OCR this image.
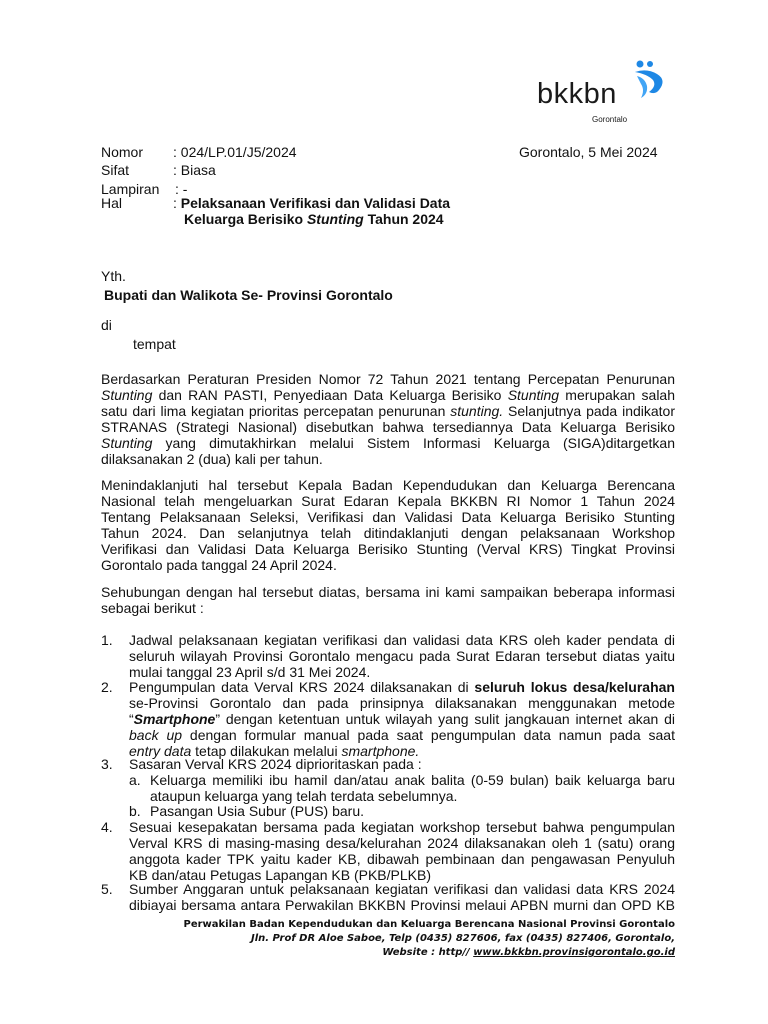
bkkbn
Gorontalo
Nomor : 024/LP.01/J5/2024	Gorontalo, 5 Mei 2024
Sifat	: Biasa
Lampiran : -
Hal	: Pelaksanaan Verifikasi dan Validasi Data
Keluarga Berisiko Stunting Tahun 2024
Yth.
Bupati dan Walikota Se- Provinsi Gorontalo
di
tempat
Berdasarkan Peraturan Presiden Nomor 72 Tahun 2021 tentang Percepatan Penurunan
Stunting dan RAN PASTI, Penyediaan Data Keluarga Berisiko Stunting merupakan salah
satu dari lima kegiatan prioritas percepatan penurunan stunting. Selanjutnya pada indikator
STRANAS (Strategi Nasional) disebutkan bahwa tersediannya Data Keluarga Berisiko
Stunting yang dimutakhirkan melalui Sistem Informasi Keluarga (SIGA)ditargetkan
dilaksanakan 2 (dua) kali per tahun.
Menindaklanjuti hal tersebut Kepala Badan Kependudukan dan Keluarga Berencana
Nasional telah mengeluarkan Surat Edaran Kepala BKKBN RI Nomor 1 Tahun 2024
Tentang Pelaksanaan Seleksi, Verifikasi dan Validasi Data Keluarga Berisiko Stunting
Tahun 2024. Dan selanjutnya telah ditindaklanjuti dengan pelaksanaan Workshop
Verifikasi dan Validasi Data Keluarga Berisiko Stunting (Verval KRS) Tingkat Provinsi
Gorontalo pada tanggal 24 April 2024.
Sehubungan dengan hal tersebut diatas, bersama ini kami sampaikan beberapa informasi
sebagai berikut :
1. Jadwal pelaksanaan kegiatan verifikasi dan validasi data KRS oleh kader pendata di
seluruh wilayah Provinsi Gorontalo mengacu pada Surat Edaran tersebut diatas yaitu
mulai tanggal 23 April s/d 31 Mei 2024.
2. Pengumpulan data Verval KRS 2024 dilaksanakan di seluruh lokus desa/kelurahan
se-Provinsi Gorontalo dan pada prinsipnya dilaksanakan menggunakan metode
“Smartphone” dengan ketentuan untuk wilayah yang sulit jangkauan internet akan di
back up dengan formular manual pada saat pengumpulan data namun pada saat
entry data tetap dilakukan melalui smartphone.
3. Sasaran Verval KRS 2024 diprioritaskan pada :
a. Keluarga memiliki ibu hamil dan/atau anak balita (0-59 bulan) baik keluarga baru
ataupun keluarga yang telah terdata sebelumnya.
b. Pasangan Usia Subur (PUS) baru.
4. Sesuai kesepakatan bersama pada kegiatan workshop tersebut bahwa pengumpulan
Verval KRS di masing-masing desa/kelurahan 2024 dilaksanakan oleh 1 (satu) orang
anggota kader TPK yaitu kader KB, dibawah pembinaan dan pengawasan Penyuluh
KB dan/atau Petugas Lapangan KB (PKB/PLKB)
5. Sumber Anggaran untuk pelaksanaan kegiatan verifikasi dan validasi data KRS 2024
dibiayai bersama antara Perwakilan BKKBN Provinsi melaui APBN murni dan OPD KB
Perwakilan Badan Kependudukan dan Keluarga Berencana Nasional Provinsi Gorontalo
Jln. Prof DR Aloe Saboe, Telp (0435) 827606, fax (0435) 827406, Gorontalo,
Website : http// www.bkkbn.provinsigorontalo.go.id
